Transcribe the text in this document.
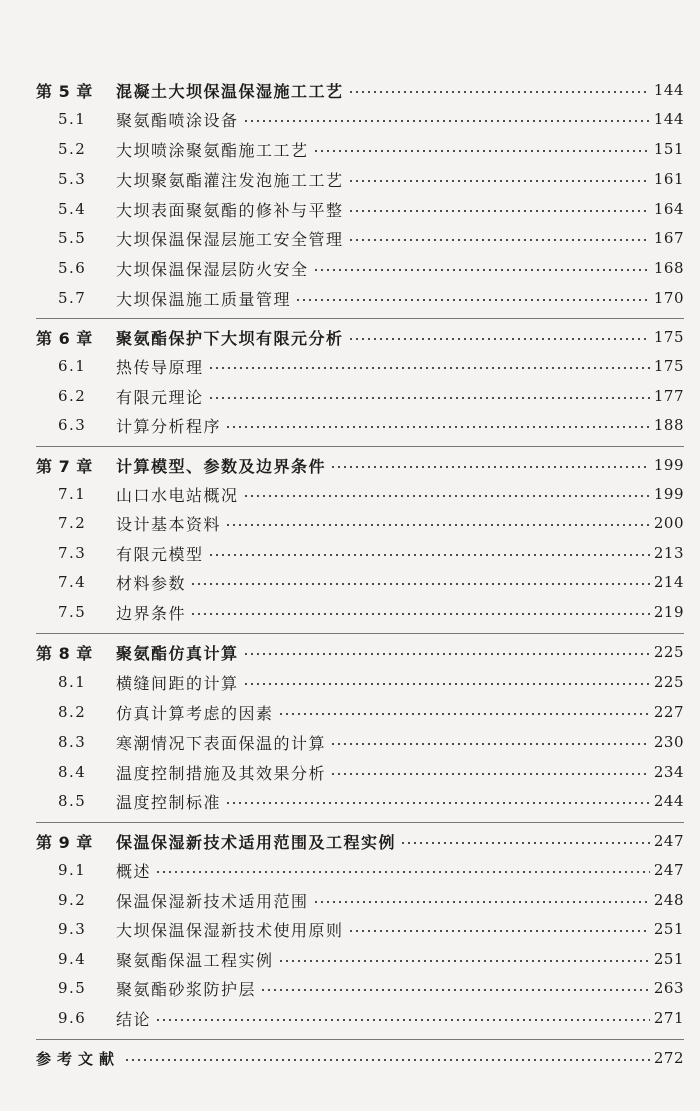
第 5 章 混凝土大坝保温保湿施工工艺	144
5.1 聚氨酯喷涂设备	144
5.2 大坝喷涂聚氨酯施工工艺	151
5.3 大坝聚氨酯灌注发泡施工工艺	161
5.4 大坝表面聚氨酯的修补与平整	164
5.5 大坝保温保湿层施工安全管理	167
5.6 大坝保温保湿层防火安全	168
5.7 大坝保温施工质量管理	170
第 6 章 聚氨酯保护下大坝有限元分析	175
6.1 热传导原理	175
6.2 有限元理论	177
6.3 计算分析程序	188
第 7 章 计算模型、参数及边界条件	199
7.1 山口水电站概况	199
7.2 设计基本资料	200
7.3 有限元模型	213
7.4 材料参数	214
7.5 边界条件	219
第 8 章 聚氨酯仿真计算	225
8.1 横缝间距的计算	225
8.2 仿真计算考虑的因素	227
8.3 寒潮情况下表面保温的计算	230
8.4 温度控制措施及其效果分析	234
8.5 温度控制标准	244
第 9 章 保温保湿新技术适用范围及工程实例	247
9.1 概述	247
9.2 保温保湿新技术适用范围	248
9.3 大坝保温保湿新技术使用原则	251
9.4 聚氨酯保温工程实例	251
9.5 聚氨酯砂浆防护层	263
9.6 结论	271
参考文献	272
